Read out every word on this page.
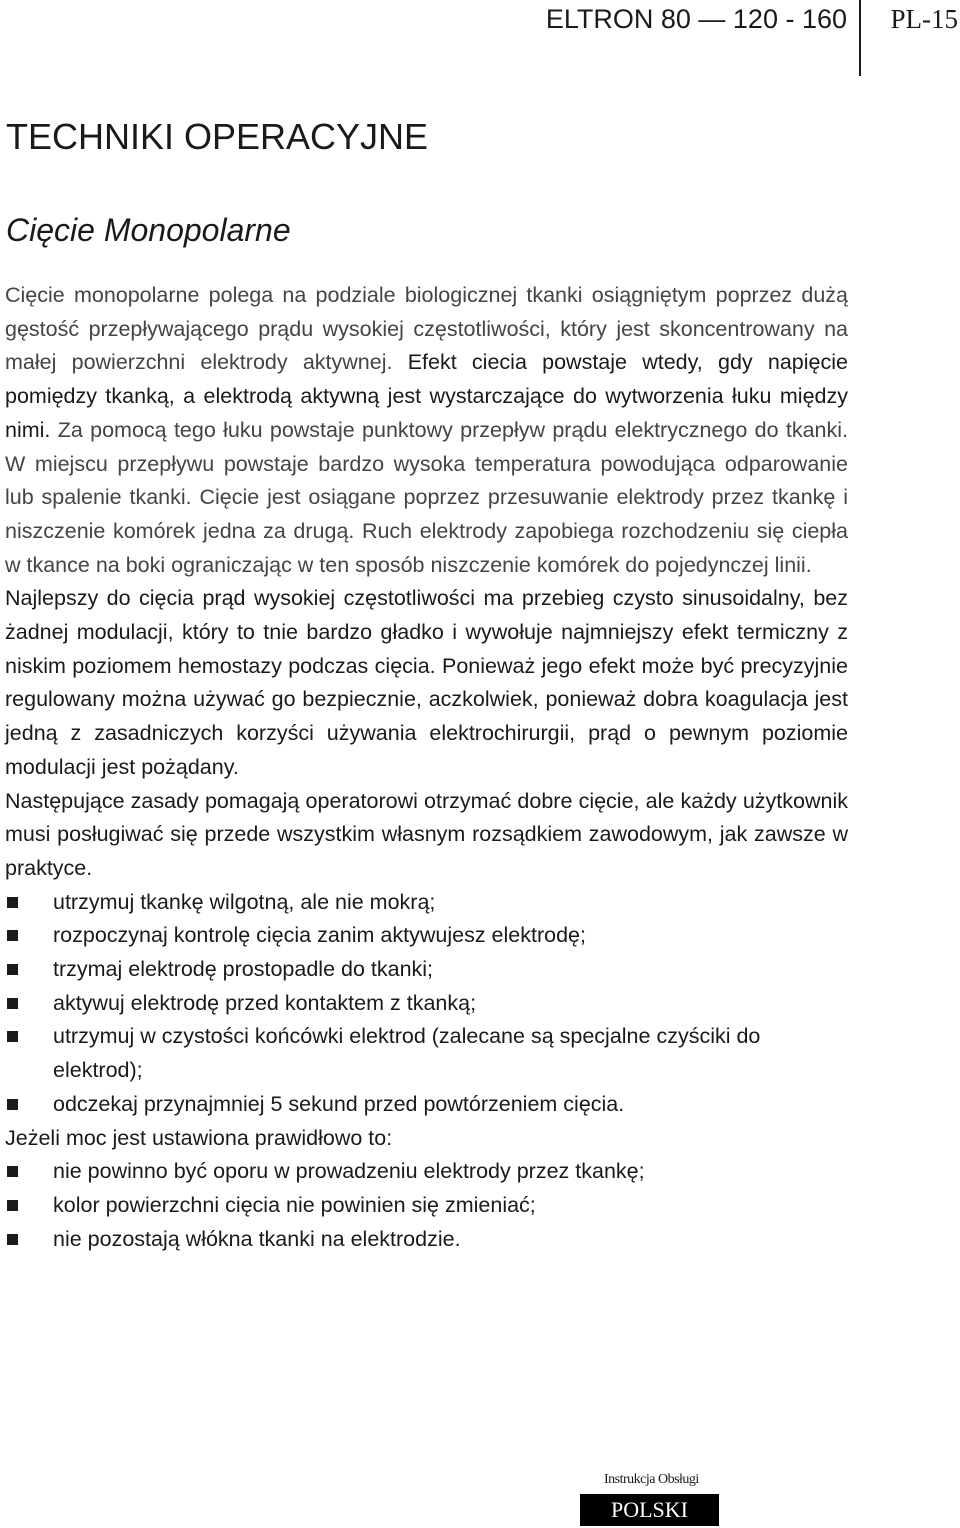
ELTRON 80 — 120 - 160 PL-15
TECHNIKI OPERACYJNE
Cięcie Monopolarne

Cięcie monopolarne polega na podziale biologicznej tkanki osiągniętym poprzez dużą gęstość przepływającego prądu wysokiej częstotliwości, który jest skoncentrowany na małej powierzchni elektrody aktywnej. Efekt ciecia powstaje wtedy, gdy napięcie pomiędzy tkanką, a elektrodą aktywną jest wystarczające do wytworzenia łuku między nimi. Za pomocą tego łuku powstaje punktowy przepływ prądu elektrycznego do tkanki. W miejscu przepływu powstaje bardzo wysoka temperatura powodująca odparowanie lub spalenie tkanki. Cięcie jest osiągane poprzez przesuwanie elektrody przez tkankę i niszczenie komórek jedna za drugą. Ruch elektrody zapobiega rozchodzeniu się ciepła w tkance na boki ograniczając w ten sposób niszczenie komórek do pojedynczej linii.

Najlepszy do cięcia prąd wysokiej częstotliwości ma przebieg czysto sinusoidalny, bez żadnej modulacji, który to tnie bardzo gładko i wywołuje najmniejszy efekt termiczny z niskim poziomem hemostazy podczas cięcia. Ponieważ jego efekt może być precyzyjnie regulowany można używać go bezpiecznie, aczkolwiek, ponieważ dobra koagulacja jest jedną z zasadniczych korzyści używania elektrochirurgii, prąd o pewnym poziomie modulacji jest pożądany.

Następujące zasady pomagają operatorowi otrzymać dobre cięcie, ale każdy użytkownik musi posługiwać się przede wszystkim własnym rozsądkiem zawodowym, jak zawsze w praktyce.

utrzymuj tkankę wilgotną, ale nie mokrą;
rozpoczynaj kontrolę cięcia zanim aktywujesz elektrodę;
trzymaj elektrodę prostopadle do tkanki;
aktywuj elektrodę przed kontaktem z tkanką;
utrzymuj w czystości końcówki elektrod (zalecane są specjalne czyściki do elektrod);
odczekaj przynajmniej 5 sekund przed powtórzeniem cięcia.

Jeżeli moc jest ustawiona prawidłowo to:

nie powinno być oporu w prowadzeniu elektrody przez tkankę;
kolor powierzchni cięcia nie powinien się zmieniać;
nie pozostają włókna tkanki na elektrodzie.
Instrukcja Obsługi
POLSKI
